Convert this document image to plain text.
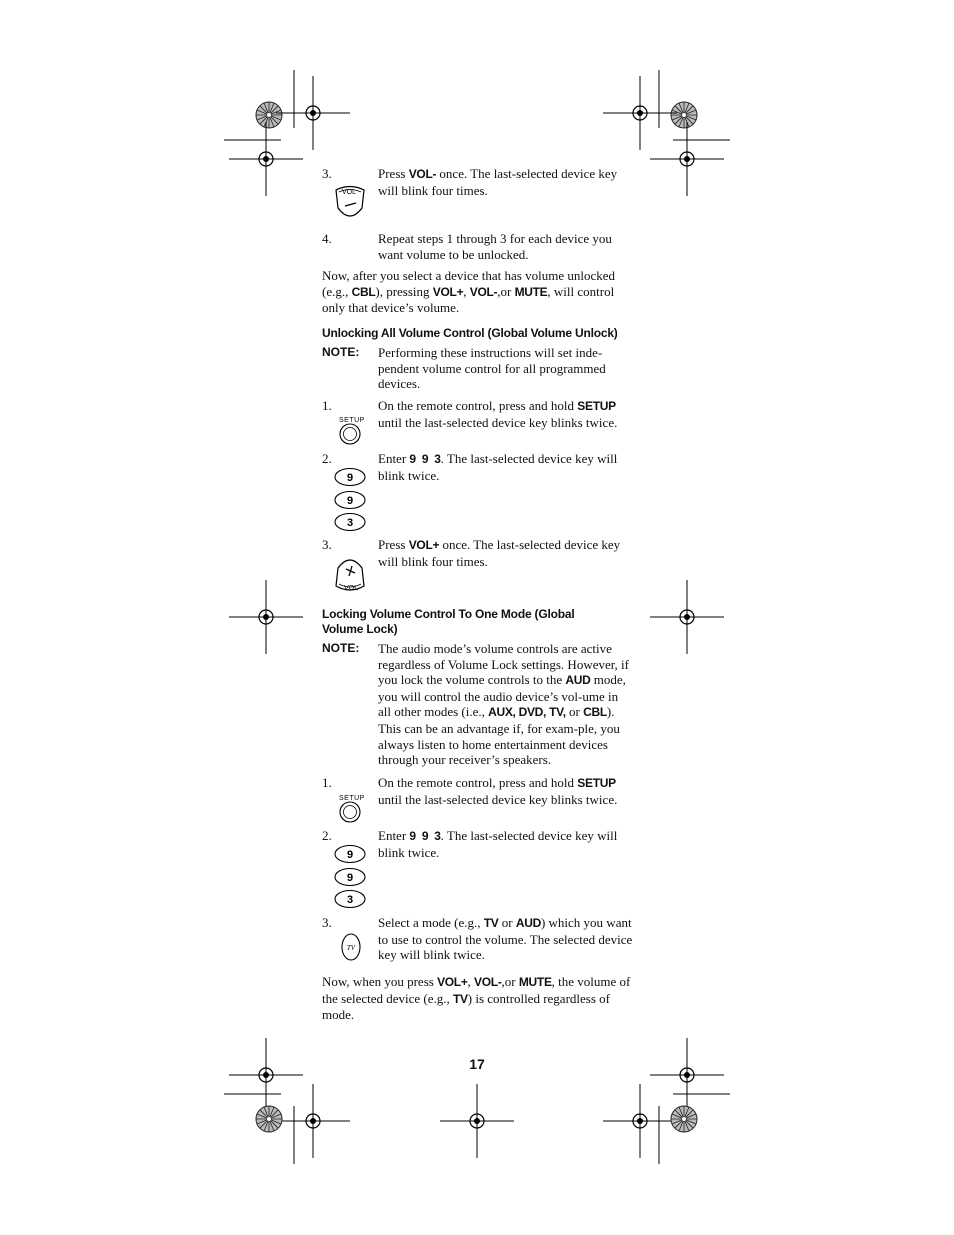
3.	Press VOL- once. The last-selected device key will blink four times.
VOL
4.	Repeat steps 1 through 3 for each device you want volume to be unlocked.
Now, after you select a device that has volume unlocked (e.g., CBL), pressing VOL+, VOL-,or MUTE, will control only that device’s volume.
Unlocking All Volume Control (Global Volume Unlock)
NOTE: Performing these instructions will set inde-pendent volume control for all programmed devices.
1.	On the remote control, press and hold SETUP until the last-selected device key blinks twice.
SETUP
2.	Enter 9  9  3. The last-selected device key will blink twice.
9
9
3
3.	Press VOL+ once. The last-selected device key will blink four times.
VOL
Locking Volume Control To One Mode (Global
Volume Lock)
NOTE: The audio mode’s volume controls are active regardless of Volume Lock settings. However, if you lock the volume controls to the AUD mode, you will control the audio device’s vol-ume in all other modes (i.e., AUX, DVD, TV, or CBL). This can be an advantage if, for exam-ple, you always listen to home entertainment devices through your receiver’s speakers.
1.	On the remote control, press and hold SETUP until the last-selected device key blinks twice.
SETUP
2.	Enter 9  9  3. The last-selected device key will blink twice.
9
9
3
3.	Select a mode (e.g., TV or AUD) which you want to use to control the volume. The selected device key will blink twice.
TV
Now, when you press VOL+, VOL-,or MUTE, the volume of the selected device (e.g., TV) is controlled regardless of mode.
17
